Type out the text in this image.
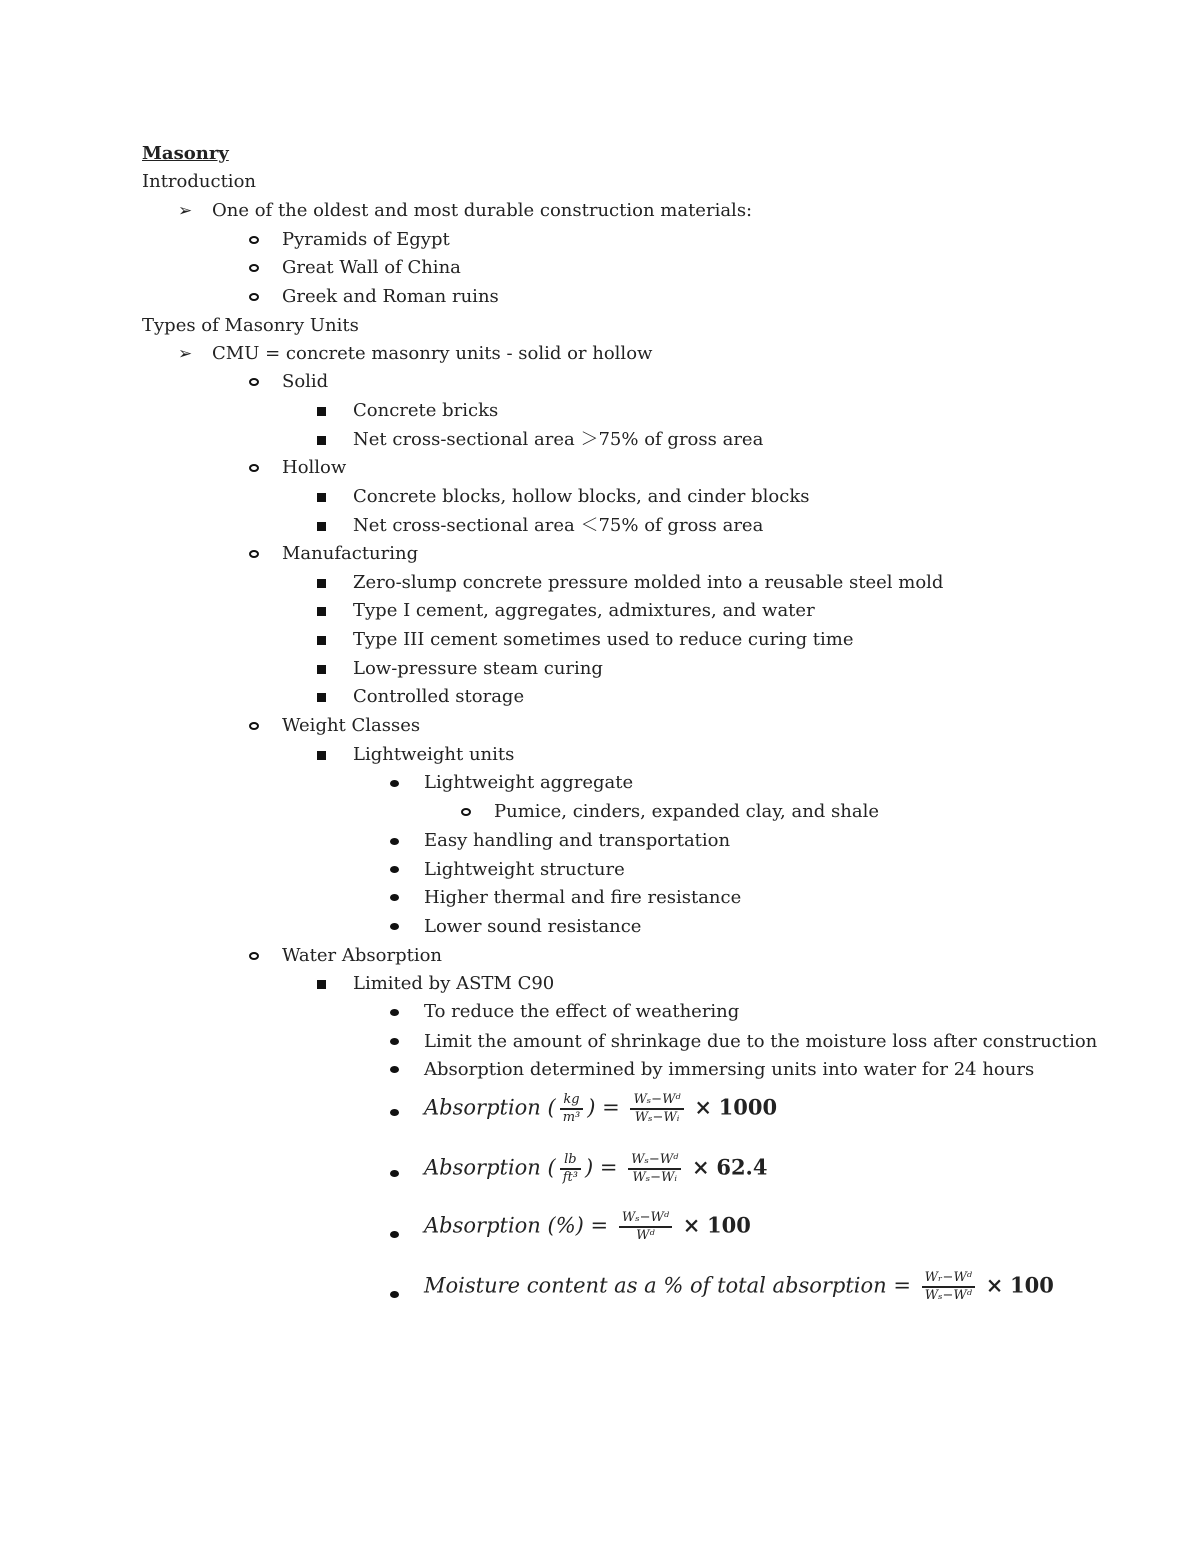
Masonry
Introduction
➢ One of the oldest and most durable construction materials:
Pyramids of Egypt
Great Wall of China
Greek and Roman ruins
Types of Masonry Units
➢ CMU = concrete masonry units - solid or hollow
Solid
Concrete bricks
Net cross-sectional area ＞75% of gross area
Hollow
Concrete blocks, hollow blocks, and cinder blocks
Net cross-sectional area ＜75% of gross area
Manufacturing
Zero-slump concrete pressure molded into a reusable steel mold
Type I cement, aggregates, admixtures, and water
Type III cement sometimes used to reduce curing time
Low-pressure steam curing
Controlled storage
Weight Classes
Lightweight units
Lightweight aggregate
Pumice, cinders, expanded clay, and shale
Easy handling and transportation
Lightweight structure
Higher thermal and fire resistance
Lower sound resistance
Water Absorption
Limited by ASTM C90
To reduce the effect of weathering
Limit the amount of shrinkage due to the moisture loss after construction
Absorption determined by immersing units into water for 24 hours
Absorption ( $\frac{kg}{\text{m³}}$ ) = $\frac{\text{Wₛ−Wᵈ}}{\text{Wₛ−Wᵢ}} \times 1000$
Absorption ( $\frac{lb}{\text{ft³}}$ ) = $\frac{\text{Wₛ−Wᵈ}}{\text{Wₛ−Wᵢ}} \times 62.4$
Absorption (%) = $\frac{\text{Wₛ−Wᵈ}}{\text{Wᵈ}} \times 100$
Moisture content as a % of total absorption = $\frac{\text{Wᵣ−Wᵈ}}{\text{Wₛ−Wᵈ}} \times 100$
